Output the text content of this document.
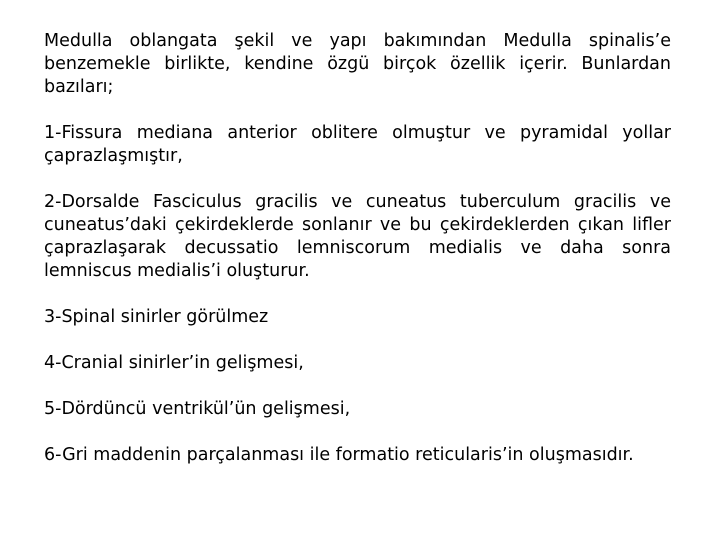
Medulla oblangata şekil ve yapı bakımından Medulla spinalis’e benzemekle birlikte, kendine özgü birçok özellik içerir. Bunlardan bazıları;

1-Fissura mediana anterior oblitere olmuştur ve pyramidal yollar çaprazlaşmıştır,

2-Dorsalde Fasciculus gracilis ve cuneatus tuberculum gracilis ve cuneatus’daki çekirdeklerde sonlanır ve bu çekirdeklerden çıkan lifler çaprazlaşarak decussatio lemniscorum medialis ve daha sonra lemniscus medialis’i oluşturur.

3-Spinal sinirler görülmez

4-Cranial sinirler’in gelişmesi,

5-Dördüncü ventrikül’ün gelişmesi,

6-Gri maddenin parçalanması ile formatio reticularis’in oluşmasıdır.
